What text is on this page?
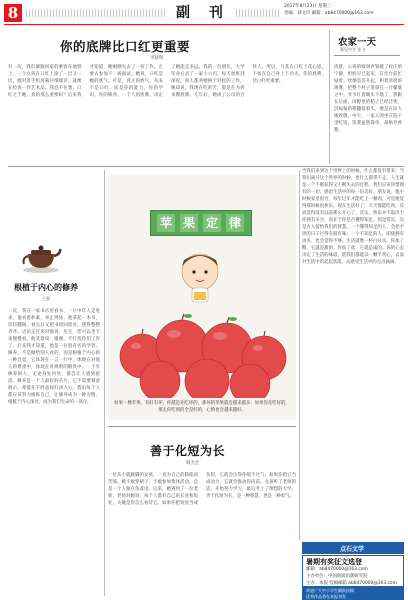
8	副 刊	2017年8月23日 星期三
责编：刘文玲 邮箱：ab8470000@163.com
你的底牌比口红更重要
李晓明
有一次，我们紧跟回家的乘客在地铁上，一个女孩在口红上涂了一层又一层，她对着手机屏幕仔细端详，就像在检查一件艺术品。我忍不住想，口红之于她，真的那么重要吗？后来我才知道，她刚刚失去了一份工作，正要去参加下一场面试。她说，口红是她的底气。可是，真正的底气，从来不是口红，而是你的能力、你的学识、你的修养。一个人的底牌，决定了她能走多远。我的一位朋友，大学毕业后去了一家小公司，每天加班到深夜，别人都劝她换个轻松的工作，她却说，我现在吃的苦，都是在为将来攒底牌。几年后，她成了公司的合伙人。所以，与其在口红上花心思，不如在自己身上下功夫。你的底牌，比口红更重要。
农家一天
董见中学 张飞
清晨，公鸡的啼叫声划破了村庄的宁静，奶奶早已起床，在灶台前忙碌着。炊烟袅袅升起，和着清晨的薄雾，把整个村子笼罩在一片朦胧之中。爷爷扛着锄头下地了，我跟在后面，田野里的稻子已经泛黄，沉甸甸的稻穗低着头，像是在向大地致敬。中午，一家人围坐在院子里吃饭，饭菜虽然简单，却格外香甜。
根植于内心的修养
王强
一次，我在一家书店里看书，一位中年人走进来，他衣着朴素，举止得体，他拿起一本书，轻轻翻阅，看完后又把书放回原处，摆得整整齐齐。店员走过来对他说：先生，您可以坐下来慢慢看。他笑着说：谢谢，不打扰你们工作了。后来我才知道，他是一位很有名的学者。修养，不是做给别人看的，而是根植于内心的一种自觉。它体现在一言一行中，体现在对他人的尊重中，体现在对规则的敬畏中。一个有修养的人，无论身处何处，都会让人感到舒适。修养是一个人最好的名片，它不需要刻意展示，却能在不经意间打动人心。我们每个人都应该努力修炼自己，让修养成为一种习惯，根植于内心深处，成为我们生命的一部分。
苹 果 定 律
如果一棵苹果，有好有坏，你越是先吃坏的，那坏的苹果就会越来越多；如果你先吃好的，那么你吃到的全是好的，心情也会越来越好。
善于化短为长
韩杰全
一位从小就跛脚的女孩，一直为自己的缺陷而苦恼。她不敢穿裙子，不敢参加集体活动，总是一个人躲在角落里。后来，她遇到了一位老师，老师对她说：每个人都有自己的长处和短处，关键是你怎么看待它。如果你把短处当成负担，它就会压得你喘不过气；如果你把它当成动力，它就会推动你向前。女孩听了老师的话，开始努力学习，最后考上了理想的大学。善于化短为长，是一种智慧，更是一种勇气。
当我们来到这个世界上的时候，什么都没有带来；当我们离开这个世界的时候，也什么都带不走。人生就是一个不断获得又不断失去的过程。我们应该珍惜拥有的一切，感恩生活中的每一份美好。朋友说，他小时候家里很穷，每年过年才能吃上一顿肉，可是他觉得那时候很快乐。现在生活好了，天天都能吃肉，反而觉得没有以前那么开心了。其实，快乐并不取决于你拥有多少，而在于你是否懂得知足。知足常乐，这是古人留给我们的智慧。一个懂得知足的人，会把平淡的日子过得有滋有味；一个不知足的人，即使拥有再多，也会觉得不够。生活就像一杯白开水，你加了糖，它就是甜的；你加了盐，它就是咸的。你的心态决定了生活的味道。愿我们都能以一颗平常心，去面对生活中的起起落落，去感受生活中的点点滴滴。
点石文学
暑期有奖征文选登
邮箱：ab8470000@163.com
主办单位：中国新闻出版研究院
主办：本报 投稿邮箱 ab8470000@163.com
欢迎广大中小学生踊跃投稿
优秀作品将在本报刊发
